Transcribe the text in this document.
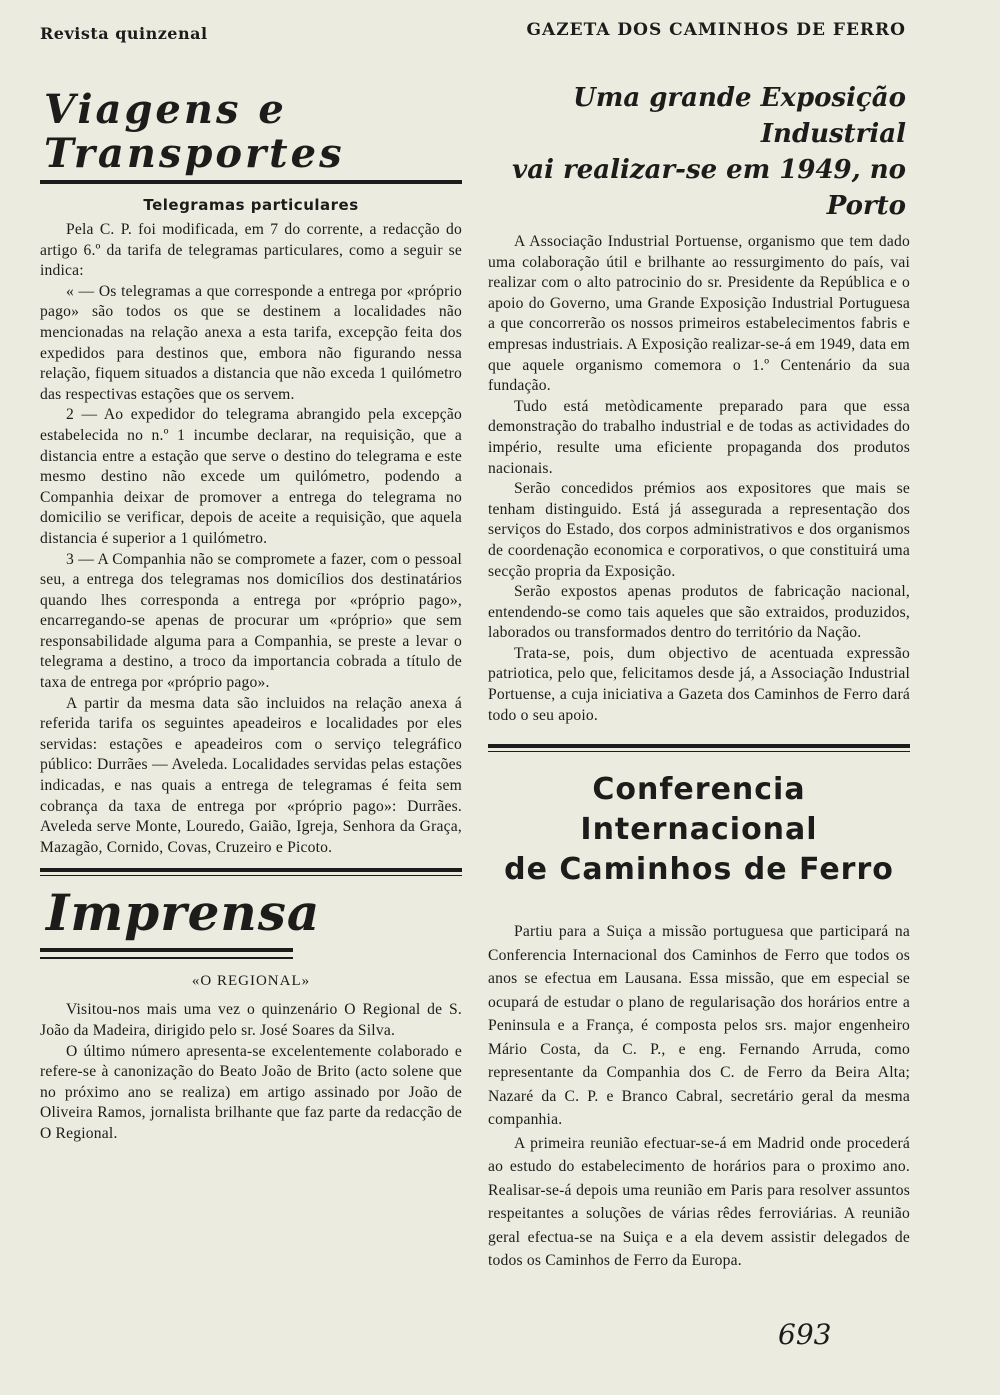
Revista quinzenal	GAZETA DOS CAMINHOS DE FERRO
Viagens e Transportes
Telegramas particulares

Pela C. P. foi modificada, em 7 do corrente, a redacção do artigo 6.º da tarifa de telegramas particulares, como a seguir se indica:

« — Os telegramas a que corresponde a entrega por «próprio pago» são todos os que se destinem a localidades não mencionadas na relação anexa a esta tarifa, excepção feita dos expedidos para destinos que, embora não figurando nessa relação, fiquem situados a distancia que não exceda 1 quilómetro das respectivas estações que os servem.

2 — Ao expedidor do telegrama abrangido pela excepção estabelecida no n.º 1 incumbe declarar, na requisição, que a distancia entre a estação que serve o destino do telegrama e este mesmo destino não excede um quilómetro, podendo a Companhia deixar de promover a entrega do telegrama no domicilio se verificar, depois de aceite a requisição, que aquela distancia é superior a 1 quilómetro.

3 — A Companhia não se compromete a fazer, com o pessoal seu, a entrega dos telegramas nos domicílios dos destinatários quando lhes corresponda a entrega por «próprio pago», encarregando-se apenas de procurar um «próprio» que sem responsabilidade alguma para a Companhia, se preste a levar o telegrama a destino, a troco da importancia cobrada a título de taxa de entrega por «próprio pago».

A partir da mesma data são incluidos na relação anexa á referida tarifa os seguintes apeadeiros e localidades por eles servidas: estações e apeadeiros com o serviço telegráfico público: Durrães — Aveleda. Localidades servidas pelas estações indicadas, e nas quais a entrega de telegramas é feita sem cobrança da taxa de entrega por «próprio pago»: Durrães. Aveleda serve Monte, Louredo, Gaião, Igreja, Senhora da Graça, Mazagão, Cornido, Covas, Cruzeiro e Picoto.

Imprensa
«O REGIONAL»

Visitou-nos mais uma vez o quinzenário O Regional de S. João da Madeira, dirigido pelo sr. José Soares da Silva.

O último número apresenta-se excelentemente colaborado e refere-se à canonização do Beato João de Brito (acto solene que no próximo ano se realiza) em artigo assinado por João de Oliveira Ramos, jornalista brilhante que faz parte da redacção de O Regional.

Uma grande Exposição Industrial
vai realizar-se em 1949, no Porto

A Associação Industrial Portuense, organismo que tem dado uma colaboração útil e brilhante ao ressurgimento do país, vai realizar com o alto patrocinio do sr. Presidente da República e o apoio do Governo, uma Grande Exposição Industrial Portuguesa a que concorrerão os nossos primeiros estabelecimentos fabris e empresas industriais. A Exposição realizar-se-á em 1949, data em que aquele organismo comemora o 1.º Centenário da sua fundação.

Tudo está metòdicamente preparado para que essa demonstração do trabalho industrial e de todas as actividades do império, resulte uma eficiente propaganda dos produtos nacionais.

Serão concedidos prémios aos expositores que mais se tenham distinguido. Está já assegurada a representação dos serviços do Estado, dos corpos administrativos e dos organismos de coordenação economica e corporativos, o que constituirá uma secção propria da Exposição.

Serão expostos apenas produtos de fabricação nacional, entendendo-se como tais aqueles que são extraidos, produzidos, laborados ou transformados dentro do território da Nação.

Trata-se, pois, dum objectivo de acentuada expressão patriotica, pelo que, felicitamos desde já, a Associação Industrial Portuense, a cuja iniciativa a Gazeta dos Caminhos de Ferro dará todo o seu apoio.

Conferencia Internacional
de Caminhos de Ferro

Partiu para a Suiça a missão portuguesa que participará na Conferencia Internacional dos Caminhos de Ferro que todos os anos se efectua em Lausana. Essa missão, que em especial se ocupará de estudar o plano de regularisação dos horários entre a Peninsula e a França, é composta pelos srs. major engenheiro Mário Costa, da C. P., e eng. Fernando Arruda, como representante da Companhia dos C. de Ferro da Beira Alta; Nazaré da C. P. e Branco Cabral, secretário geral da mesma companhia.

A primeira reunião efectuar-se-á em Madrid onde procederá ao estudo do estabelecimento de horários para o proximo ano. Realisar-se-á depois uma reunião em Paris para resolver assuntos respeitantes a soluções de várias rêdes ferroviárias. A reunião geral efectua-se na Suiça e a ela devem assistir delegados de todos os Caminhos de Ferro da Europa.

693
